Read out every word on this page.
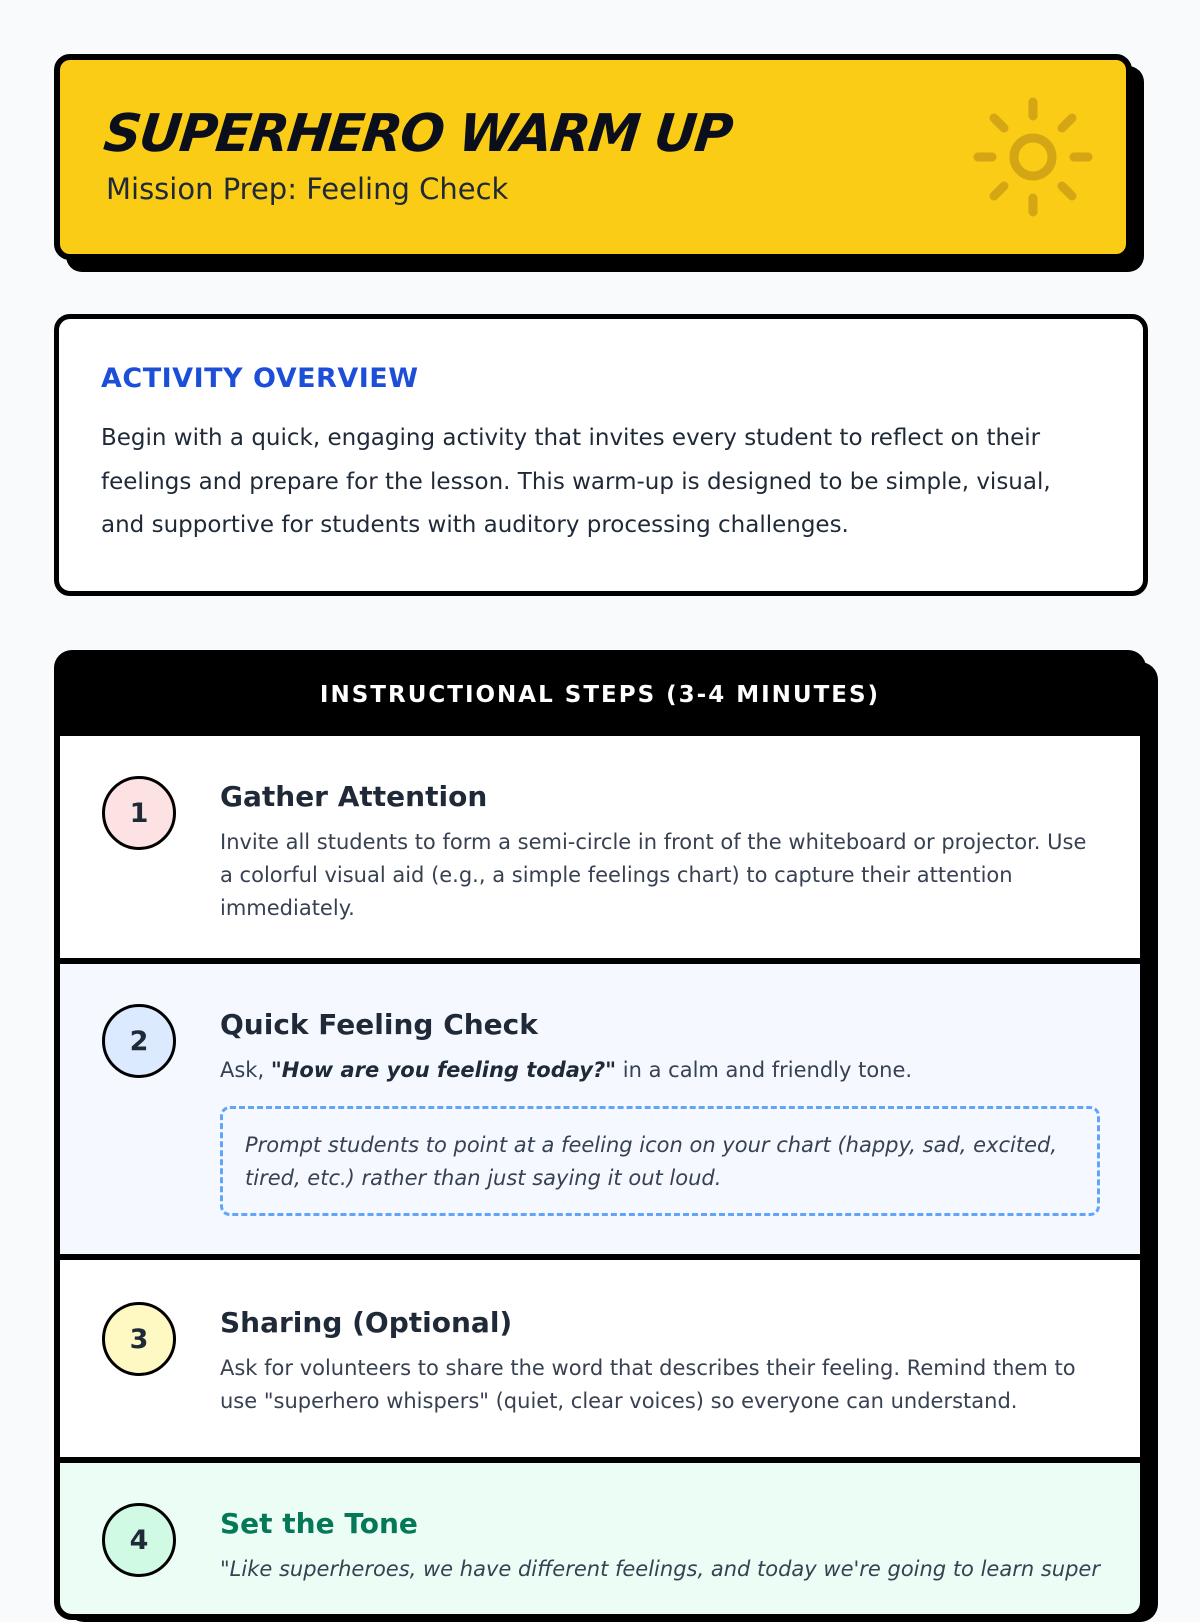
SUPERHERO WARM UP
Mission Prep: Feeling Check
ACTIVITY OVERVIEW
Begin with a quick, engaging activity that invites every student to reflect on their feelings and prepare for the lesson. This warm-up is designed to be simple, visual, and supportive for students with auditory processing challenges.
INSTRUCTIONAL STEPS (3-4 MINUTES)
1	Gather Attention
Invite all students to form a semi-circle in front of the whiteboard or projector. Use a colorful visual aid (e.g., a simple feelings chart) to capture their attention immediately.
2	Quick Feeling Check
Ask, "How are you feeling today?" in a calm and friendly tone.
Prompt students to point at a feeling icon on your chart (happy, sad, excited, tired, etc.) rather than just saying it out loud.
3	Sharing (Optional)
Ask for volunteers to share the word that describes their feeling. Remind them to use "superhero whispers" (quiet, clear voices) so everyone can understand.
4	Set the Tone
"Like superheroes, we have different feelings, and today we're going to learn super
